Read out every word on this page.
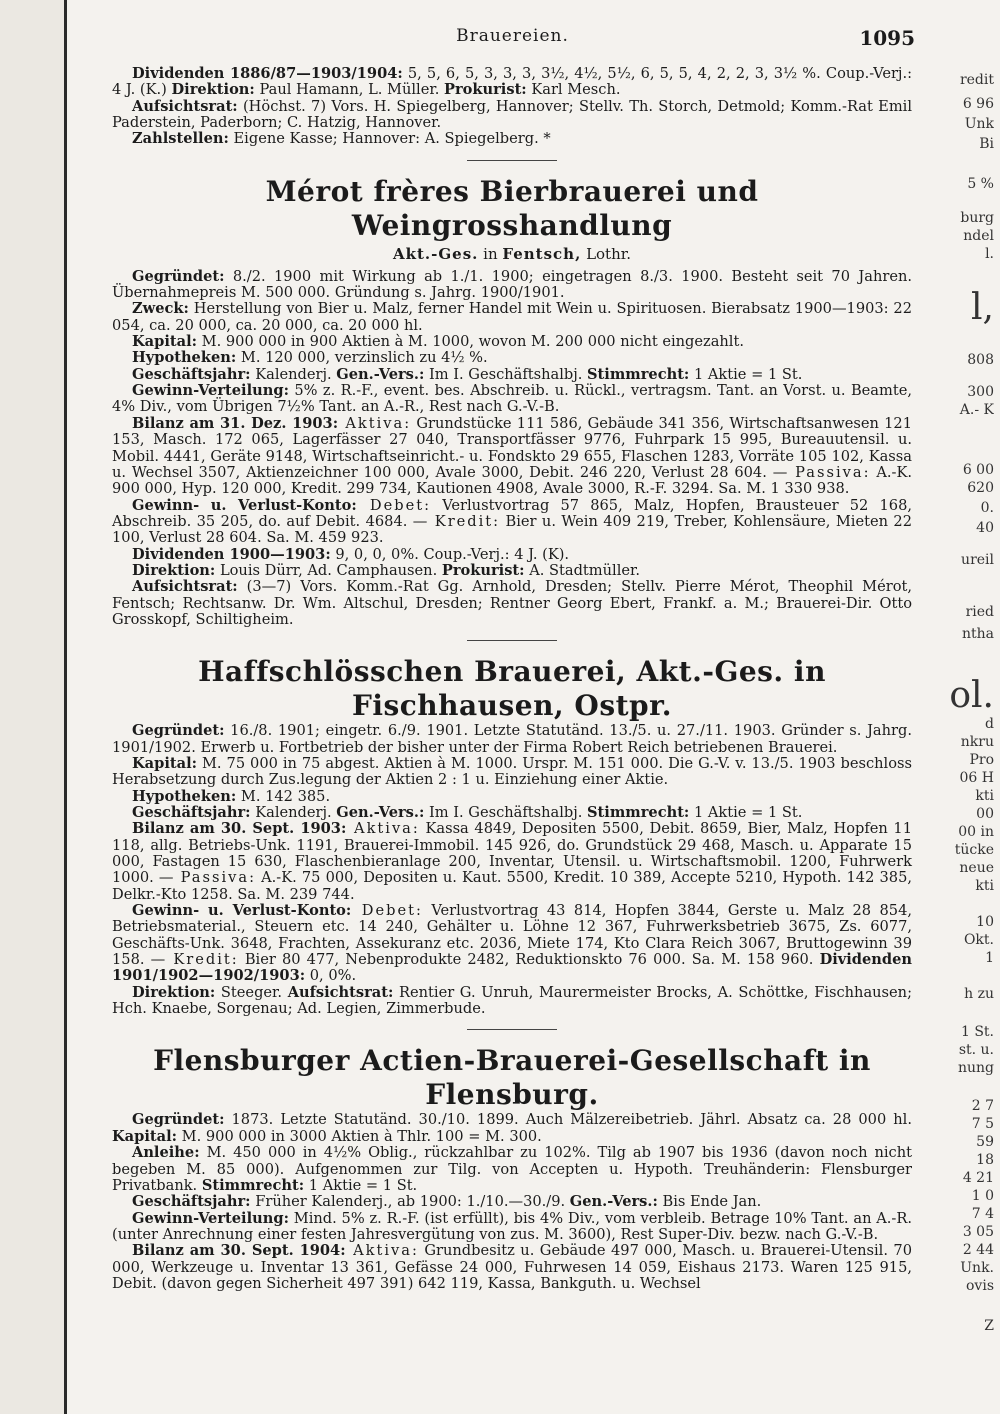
redit
6 96
Unk
Bi
5 %
burg
ndel
l.
l,
808
300
A.- K
6 00
620
0.
40
ureil
ried
ntha
ol.
d
nkru
Pro
06 H
kti
00
00 in
tücke
neue
kti
10
Okt.
1
h zu
1 St.
st. u.
nung
2 7
7 5
59
18
4 21
1 0
7 4
3 05
2 44
Unk.
ovis
Z
Brauereien.	1095

Dividenden 1886/87—1903/1904: 5, 5, 6, 5, 3, 3, 3, 3½, 4½, 5½, 6, 5, 5, 4, 2, 2, 3, 3½ %. Coup.-Verj.: 4 J. (K.) Direktion: Paul Hamann, L. Müller. Prokurist: Karl Mesch.

Aufsichtsrat: (Höchst. 7) Vors. H. Spiegelberg, Hannover; Stellv. Th. Storch, Detmold; Komm.-Rat Emil Paderstein, Paderborn; C. Hatzig, Hannover.

Zahlstellen: Eigene Kasse; Hannover: A. Spiegelberg. *

Mérot frères Bierbrauerei und Weingrosshandlung
Akt.-Ges. in Fentsch, Lothr.

Gegründet: 8./2. 1900 mit Wirkung ab 1./1. 1900; eingetragen 8./3. 1900. Besteht seit 70 Jahren. Übernahmepreis M. 500 000. Gründung s. Jahrg. 1900/1901.

Zweck: Herstellung von Bier u. Malz, ferner Handel mit Wein u. Spirituosen. Bierabsatz 1900—1903: 22 054, ca. 20 000, ca. 20 000, ca. 20 000 hl.

Kapital: M. 900 000 in 900 Aktien à M. 1000, wovon M. 200 000 nicht eingezahlt.

Hypotheken: M. 120 000, verzinslich zu 4½ %.

Geschäftsjahr: Kalenderj. Gen.-Vers.: Im I. Geschäftshalbj. Stimmrecht: 1 Aktie = 1 St.

Gewinn-Verteilung: 5% z. R.-F., event. bes. Abschreib. u. Rückl., vertragsm. Tant. an Vorst. u. Beamte, 4% Div., vom Übrigen 7½% Tant. an A.-R., Rest nach G.-V.-B.

Bilanz am 31. Dez. 1903: Aktiva: Grundstücke 111 586, Gebäude 341 356, Wirtschaftsanwesen 121 153, Masch. 172 065, Lagerfässer 27 040, Transportfässer 9776, Fuhrpark 15 995, Bureauutensil. u. Mobil. 4441, Geräte 9148, Wirtschaftseinricht.- u. Fondskto 29 655, Flaschen 1283, Vorräte 105 102, Kassa u. Wechsel 3507, Aktienzeichner 100 000, Avale 3000, Debit. 246 220, Verlust 28 604. — Passiva: A.-K. 900 000, Hyp. 120 000, Kredit. 299 734, Kautionen 4908, Avale 3000, R.-F. 3294. Sa. M. 1 330 938.

Gewinn- u. Verlust-Konto: Debet: Verlustvortrag 57 865, Malz, Hopfen, Brausteuer 52 168, Abschreib. 35 205, do. auf Debit. 4684. — Kredit: Bier u. Wein 409 219, Treber, Kohlensäure, Mieten 22 100, Verlust 28 604. Sa. M. 459 923.

Dividenden 1900—1903: 9, 0, 0, 0%. Coup.-Verj.: 4 J. (K).

Direktion: Louis Dürr, Ad. Camphausen. Prokurist: A. Stadtmüller.

Aufsichtsrat: (3—7) Vors. Komm.-Rat Gg. Arnhold, Dresden; Stellv. Pierre Mérot, Theophil Mérot, Fentsch; Rechtsanw. Dr. Wm. Altschul, Dresden; Rentner Georg Ebert, Frankf. a. M.; Brauerei-Dir. Otto Grosskopf, Schiltigheim.

Haffschlösschen Brauerei, Akt.-Ges. in Fischhausen, Ostpr.

Gegründet: 16./8. 1901; eingetr. 6./9. 1901. Letzte Statutänd. 13./5. u. 27./11. 1903. Gründer s. Jahrg. 1901/1902. Erwerb u. Fortbetrieb der bisher unter der Firma Robert Reich betriebenen Brauerei.

Kapital: M. 75 000 in 75 abgest. Aktien à M. 1000. Urspr. M. 151 000. Die G.-V. v. 13./5. 1903 beschloss Herabsetzung durch Zus.legung der Aktien 2 : 1 u. Einziehung einer Aktie.

Hypotheken: M. 142 385.

Geschäftsjahr: Kalenderj. Gen.-Vers.: Im I. Geschäftshalbj. Stimmrecht: 1 Aktie = 1 St.

Bilanz am 30. Sept. 1903: Aktiva: Kassa 4849, Depositen 5500, Debit. 8659, Bier, Malz, Hopfen 11 118, allg. Betriebs-Unk. 1191, Brauerei-Immobil. 145 926, do. Grundstück 29 468, Masch. u. Apparate 15 000, Fastagen 15 630, Flaschenbieranlage 200, Inventar, Utensil. u. Wirtschaftsmobil. 1200, Fuhrwerk 1000. — Passiva: A.-K. 75 000, Depositen u. Kaut. 5500, Kredit. 10 389, Accepte 5210, Hypoth. 142 385, Delkr.-Kto 1258. Sa. M. 239 744.

Gewinn- u. Verlust-Konto: Debet: Verlustvortrag 43 814, Hopfen 3844, Gerste u. Malz 28 854, Betriebsmaterial., Steuern etc. 14 240, Gehälter u. Löhne 12 367, Fuhrwerksbetrieb 3675, Zs. 6077, Geschäfts-Unk. 3648, Frachten, Assekuranz etc. 2036, Miete 174, Kto Clara Reich 3067, Bruttogewinn 39 158. — Kredit: Bier 80 477, Nebenprodukte 2482, Reduktionskto 76 000. Sa. M. 158 960. Dividenden 1901/1902—1902/1903: 0, 0%.

Direktion: Steeger. Aufsichtsrat: Rentier G. Unruh, Maurermeister Brocks, A. Schöttke, Fischhausen; Hch. Knaebe, Sorgenau; Ad. Legien, Zimmerbude.

Flensburger Actien-Brauerei-Gesellschaft in Flensburg.

Gegründet: 1873. Letzte Statutänd. 30./10. 1899. Auch Mälzereibetrieb. Jährl. Absatz ca. 28 000 hl. Kapital: M. 900 000 in 3000 Aktien à Thlr. 100 = M. 300.

Anleihe: M. 450 000 in 4½% Oblig., rückzahlbar zu 102%. Tilg ab 1907 bis 1936 (davon noch nicht begeben M. 85 000). Aufgenommen zur Tilg. von Accepten u. Hypoth. Treuhänderin: Flensburger Privatbank. Stimmrecht: 1 Aktie = 1 St.

Geschäftsjahr: Früher Kalenderj., ab 1900: 1./10.—30./9. Gen.-Vers.: Bis Ende Jan.

Gewinn-Verteilung: Mind. 5% z. R.-F. (ist erfüllt), bis 4% Div., vom verbleib. Betrage 10% Tant. an A.-R. (unter Anrechnung einer festen Jahresvergütung von zus. M. 3600), Rest Super-Div. bezw. nach G.-V.-B.

Bilanz am 30. Sept. 1904: Aktiva: Grundbesitz u. Gebäude 497 000, Masch. u. Brauerei-Utensil. 70 000, Werkzeuge u. Inventar 13 361, Gefässe 24 000, Fuhrwesen 14 059, Eishaus 2173. Waren 125 915, Debit. (davon gegen Sicherheit 497 391) 642 119, Kassa, Bankguth. u. Wechsel
